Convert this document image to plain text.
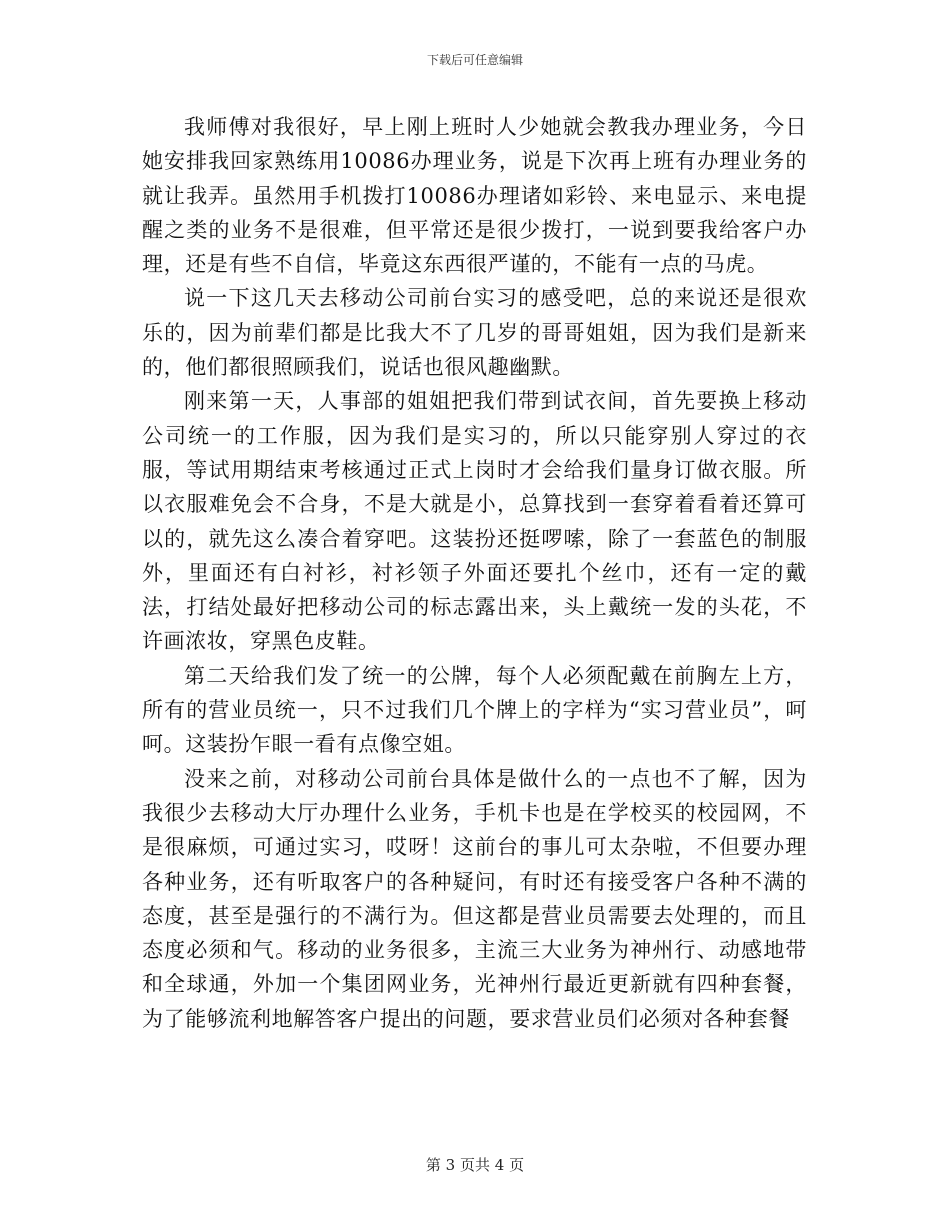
下载后可任意编辑

我师傅对我很好，早上刚上班时人少她就会教我办理业务，今日她安排我回家熟练用10086办理业务，说是下次再上班有办理业务的就让我弄。虽然用手机拨打10086办理诸如彩铃、来电显示、来电提醒之类的业务不是很难，但平常还是很少拨打，一说到要我给客户办理，还是有些不自信，毕竟这东西很严谨的，不能有一点的马虎。

说一下这几天去移动公司前台实习的感受吧，总的来说还是很欢乐的，因为前辈们都是比我大不了几岁的哥哥姐姐，因为我们是新来的，他们都很照顾我们，说话也很风趣幽默。

刚来第一天，人事部的姐姐把我们带到试衣间，首先要换上移动公司统一的工作服，因为我们是实习的，所以只能穿别人穿过的衣服，等试用期结束考核通过正式上岗时才会给我们量身订做衣服。所以衣服难免会不合身，不是大就是小，总算找到一套穿着看着还算可以的，就先这么凑合着穿吧。这装扮还挺啰嗦，除了一套蓝色的制服外，里面还有白衬衫，衬衫领子外面还要扎个丝巾，还有一定的戴法，打结处最好把移动公司的标志露出来，头上戴统一发的头花，不许画浓妆，穿黑色皮鞋。

第二天给我们发了统一的公牌，每个人必须配戴在前胸左上方，所有的营业员统一，只不过我们几个牌上的字样为“实习营业员”，呵呵。这装扮乍眼一看有点像空姐。

没来之前，对移动公司前台具体是做什么的一点也不了解，因为我很少去移动大厅办理什么业务，手机卡也是在学校买的校园网，不是很麻烦，可通过实习，哎呀！这前台的事儿可太杂啦，不但要办理各种业务，还有听取客户的各种疑问，有时还有接受客户各种不满的态度，甚至是强行的不满行为。但这都是营业员需要去处理的，而且态度必须和气。移动的业务很多，主流三大业务为神州行、动感地带和全球通，外加一个集团网业务，光神州行最近更新就有四种套餐，为了能够流利地解答客户提出的问题，要求营业员们必须对各种套餐

第 3 页共 4 页
